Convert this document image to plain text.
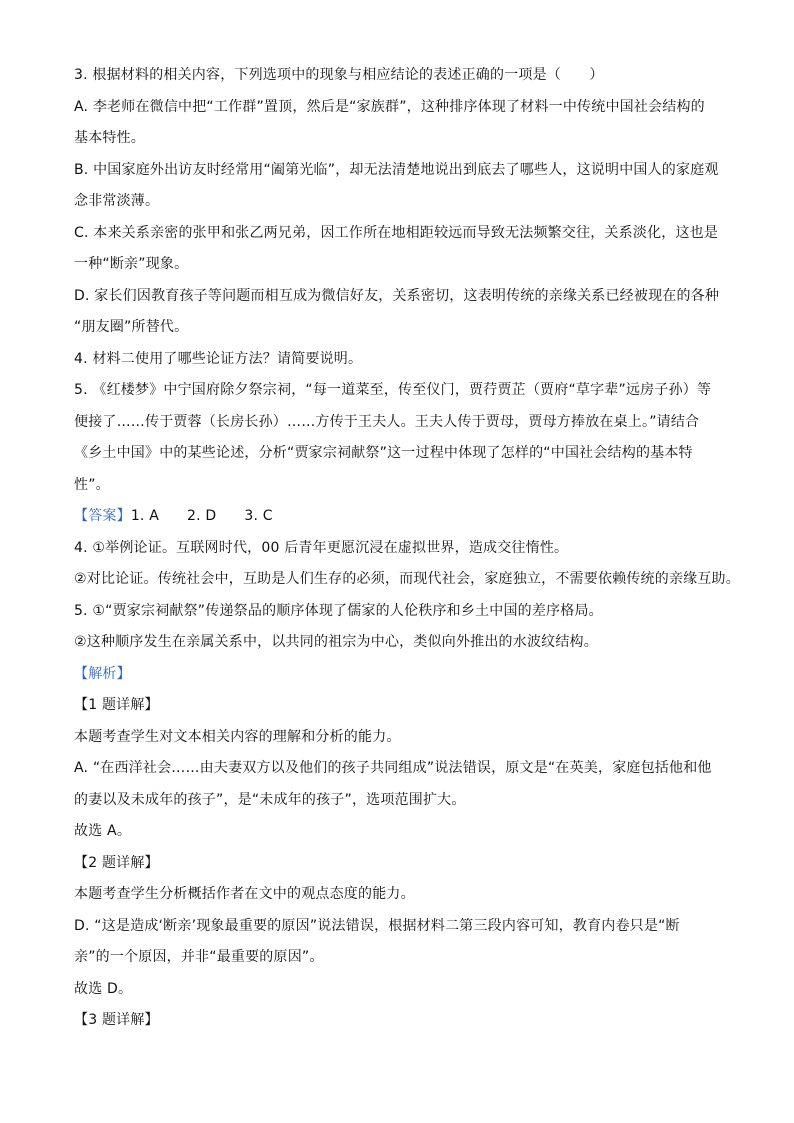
3. 根据材料的相关内容，下列选项中的现象与相应结论的表述正确的一项是（　　）
A. 李老师在微信中把“工作群”置顶，然后是“家族群”，这种排序体现了材料一中传统中国社会结构的
基本特性。
B. 中国家庭外出访友时经常用“阖第光临”，却无法清楚地说出到底去了哪些人，这说明中国人的家庭观
念非常淡薄。
C. 本来关系亲密的张甲和张乙两兄弟，因工作所在地相距较远而导致无法频繁交往，关系淡化，这也是
一种“断亲”现象。
D. 家长们因教育孩子等问题而相互成为微信好友，关系密切，这表明传统的亲缘关系已经被现在的各种
“朋友圈”所替代。
4. 材料二使用了哪些论证方法？请简要说明。
5. 《红楼梦》中宁国府除夕祭宗祠，“每一道菜至，传至仪门，贾荇贾芷（贾府“草字辈”远房子孙）等
便接了……传于贾蓉（长房长孙）……方传于王夫人。王夫人传于贾母，贾母方捧放在桌上。”请结合
《乡土中国》中的某些论述，分析“贾家宗祠献祭”这一过程中体现了怎样的“中国社会结构的基本特
性”。
【答案】1. A 2. D 3. C
4. ①举例论证。互联网时代，00 后青年更愿沉浸在虚拟世界，造成交往惰性。
②对比论证。传统社会中，互助是人们生存的必须，而现代社会，家庭独立，不需要依赖传统的亲缘互助。
5. ①“贾家宗祠献祭”传递祭品的顺序体现了儒家的人伦秩序和乡土中国的差序格局。
②这种顺序发生在亲属关系中，以共同的祖宗为中心，类似向外推出的水波纹结构。
【解析】
【1 题详解】
本题考查学生对文本相关内容的理解和分析的能力。
A. “在西洋社会……由夫妻双方以及他们的孩子共同组成”说法错误，原文是“在英美，家庭包括他和他
的妻以及未成年的孩子”，是“未成年的孩子”，选项范围扩大。
故选 A。
【2 题详解】
本题考查学生分析概括作者在文中的观点态度的能力。
D. “这是造成‘断亲’现象最重要的原因”说法错误，根据材料二第三段内容可知，教育内卷只是“断
亲”的一个原因，并非“最重要的原因”。
故选 D。
【3 题详解】
